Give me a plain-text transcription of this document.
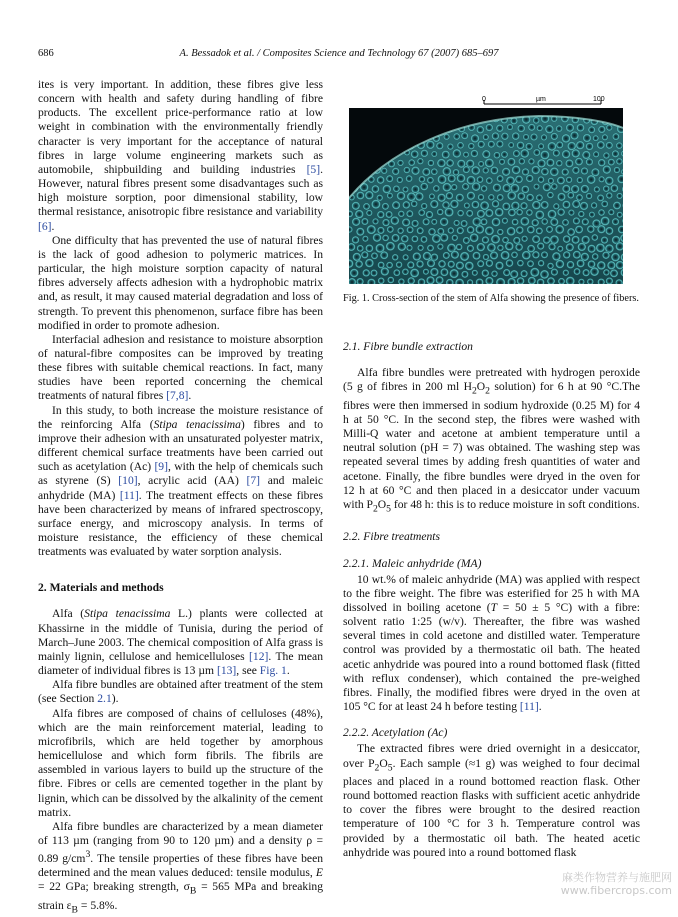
686	A. Bessadok et al. / Composites Science and Technology 67 (2007) 685–697

ites is very important. In addition, these fibres give less concern with health and safety during handling of fibre products. The excellent price-performance ratio at low weight in combination with the environmentally friendly character is very important for the acceptance of natural fibres in large volume engineering markets such as automobile, shipbuilding and building industries [5]. However, natural fibres present some disadvantages such as high moisture sorption, poor dimensional stability, low thermal resistance, anisotropic fibre resistance and variability [6].

One difficulty that has prevented the use of natural fibres is the lack of good adhesion to polymeric matrices. In particular, the high moisture sorption capacity of natural fibres adversely affects adhesion with a hydrophobic matrix and, as result, it may caused material degradation and loss of strength. To prevent this phenomenon, surface fibre has been modified in order to promote adhesion.

Interfacial adhesion and resistance to moisture absorption of natural-fibre composites can be improved by treating these fibres with suitable chemical reactions. In fact, many studies have been reported concerning the chemical treatments of natural fibres [7,8].

In this study, to both increase the moisture resistance of the reinforcing Alfa (Stipa tenacissima) fibres and to improve their adhesion with an unsaturated polyester matrix, different chemical surface treatments have been carried out such as acetylation (Ac) [9], with the help of chemicals such as styrene (S) [10], acrylic acid (AA) [7] and maleic anhydride (MA) [11]. The treatment effects on these fibres have been characterized by means of infrared spectroscopy, surface energy, and microscopy analysis. In terms of moisture resistance, the efficiency of these chemical treatments was evaluated by water sorption analysis.

2. Materials and methods

Alfa (Stipa tenacissima L.) plants were collected at Khassirne in the middle of Tunisia, during the period of March–June 2003. The chemical composition of Alfa grass is mainly lignin, cellulose and hemicelluloses [12]. The mean diameter of individual fibres is 13 µm [13], see Fig. 1.

Alfa fibre bundles are obtained after treatment of the stem (see Section 2.1).

Alfa fibres are composed of chains of celluloses (48%), which are the main reinforcement material, leading to microfibrils, which are held together by amorphous hemicellulose and which form fibrils. The fibrils are assembled in various layers to build up the structure of the fibre. Fibres or cells are cemented together in the plant by lignin, which can be dissolved by the alkalinity of the cement matrix.

Alfa fibre bundles are characterized by a mean diameter of 113 µm (ranging from 90 to 120 µm) and a density ρ = 0.89 $g/cm^3$. The tensile properties of these fibres have been determined and the mean values deduced: tensile modulus, E = 22 GPa; breaking strength, $\sigma_B = 565$ MPa and breaking strain $\varepsilon_B = 5.8\%$.

0	µm	100
Fig. 1. Cross-section of the stem of Alfa showing the presence of fibers.
2.1. Fibre bundle extraction

Alfa fibre bundles were pretreated with hydrogen peroxide (5 g of fibres in 200 ml $H_2O_2$ solution) for 6 h at 90 °C.The fibres were then immersed in sodium hydroxide (0.25 M) for 4 h at 50 °C. In the second step, the fibres were washed with Milli-Q water and acetone at ambient temperature until a neutral solution (pH = 7) was obtained. The washing step was repeated several times by adding fresh quantities of water and acetone. Finally, the fibre bundles were dryed in the oven for 12 h at 60 °C and then placed in a desiccator under vacuum with $P_2O_5$ for 48 h: this is to reduce moisture in soft conditions.

2.2. Fibre treatments
2.2.1. Maleic anhydride (MA)

10 wt.% of maleic anhydride (MA) was applied with respect to the fibre weight. The fibre was esterified for 25 h with MA dissolved in boiling acetone (T = 50 ± 5 °C) with a fibre: solvent ratio 1:25 (w/v). Thereafter, the fibre was washed several times in cold acetone and distilled water. Temperature control was provided by a thermostatic oil bath. The heated acetic anhydride was poured into a round bottomed flask (fitted with reflux condenser), which contained the pre-weighed fibres. Finally, the modified fibres were dryed in the oven at 105 °C for at least 24 h before testing [11].

2.2.2. Acetylation (Ac)

The extracted fibres were dried overnight in a desiccator, over $P_2O_5$. Each sample (≈1 g) was weighed to four decimal places and placed in a round bottomed reaction flask. Other round bottomed reaction flasks with sufficient acetic anhydride to cover the fibres were brought to the desired reaction temperature of 100 °C for 3 h. Temperature control was provided by a thermostatic oil bath. The heated acetic anhydride was poured into a round bottomed flask

麻类作物营养与施肥网
www.fibercrops.com
